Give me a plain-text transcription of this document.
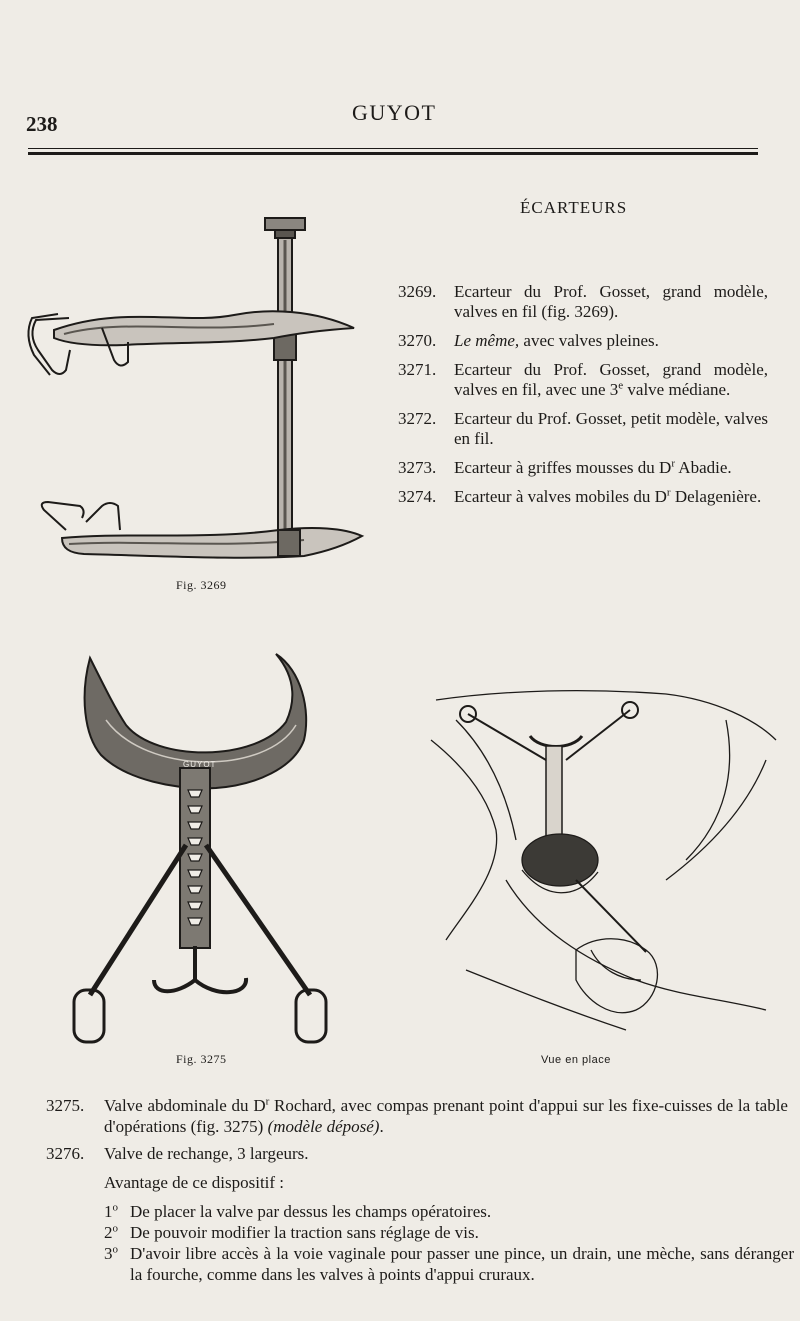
238	GUYOT
ÉCARTEURS
Fig. 3269
3269.	Ecarteur du Prof. Gosset, grand modèle, valves en fil (fig. 3269).
3270.	Le même, avec valves pleines.
3271.	Ecarteur du Prof. Gosset, grand modèle, valves en fil, avec une 3e valve médiane.
3272.	Ecarteur du Prof. Gosset, petit modèle, valves en fil.
3273.	Ecarteur à griffes mousses du $D^r$ Abadie.
3274.	Ecarteur à valves mobiles du $D^r$ Delagenière.
GUYOT
Fig. 3275	Vue en place
3275.	Valve abdominale du $D^r$ Rochard, avec compas prenant point d'appui sur les fixe-cuisses de la table d'opérations (fig. 3275) (modèle déposé).
3276.	Valve de rechange, 3 largeurs.
Avantage de ce dispositif :
1$^o$ De placer la valve par dessus les champs opératoires.
2$^o$ De pouvoir modifier la traction sans réglage de vis.
3$^o$ D'avoir libre accès à la voie vaginale pour passer une pince, un drain, une mèche, sans déranger la fourche, comme dans les valves à points d'appui cruraux.
